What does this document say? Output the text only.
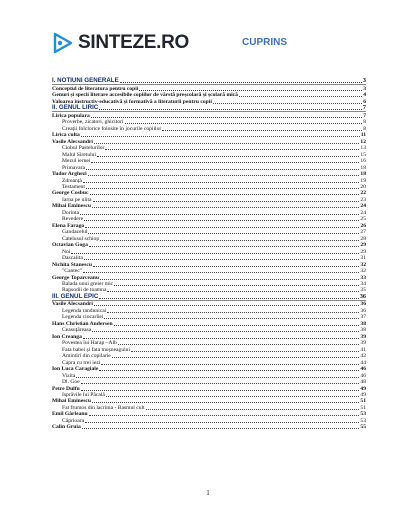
SINTEZE.RO	CUPRINS
I. NOTIUNI GENERALE	3
Conceptul de literatura pentru copii	3
Genuri și specii literare accesibile copiilor de vârstă preșcolară și școlară mică	4
Valoarea instructiv-educativă și formativă a literaturii pentru copii	6
II. GENUL LIRIC	7
Lirica populara	7
Proverbe, zicatori, ghicitori	8
Creații folclorice folosite în jocurile copiilor	8
Lirica culta	11
Vasile Alecsandri	12
Ciobul Pastelurilor	13
Malul Siretului	15
Mezul iernei	16
Primavara	18
Tudor Arghezi	18
Zdreanță	19
Testament	20
George Cosbuc	22
Iarna pe ulita	23
Mihai Eminescu	24
Dorinta	24
Revedere	25
Elena Farago	26
Gandacelul	27
Catelusul schiop	28
Octavian Goga	29
Noi	29
Dascalita	31
Nichita Stanescu	32
"Cantec"	32
George Toparceanu	33
Balada unui greier mic	34
Rapsodii de toamna	35
III. GENUL EPIC	36
Vasile Alecsandri	36
Legenda randunicai	36
Legenda ciocarliei	37
Hans Christian Andersen	38
Ceasuțăreasa	38
Ion Creanga	39
Povestea lui Harap –Alb	39
Fata babei și fata moșneagului	41
Amintiri din copilarie	42
Capra cu trei iezi	44
Ion Luca Caragiale	46
Vizita	46
Dl. Goe	48
Petre Dulfu	49
Isprăvile lui Păcală	49
Mihai Eminescu	51
Fat frumos din lacrima - Basmul cult	51
Emil Gârleanu	53
Căprioara	53
Calin Gruia	55
1
